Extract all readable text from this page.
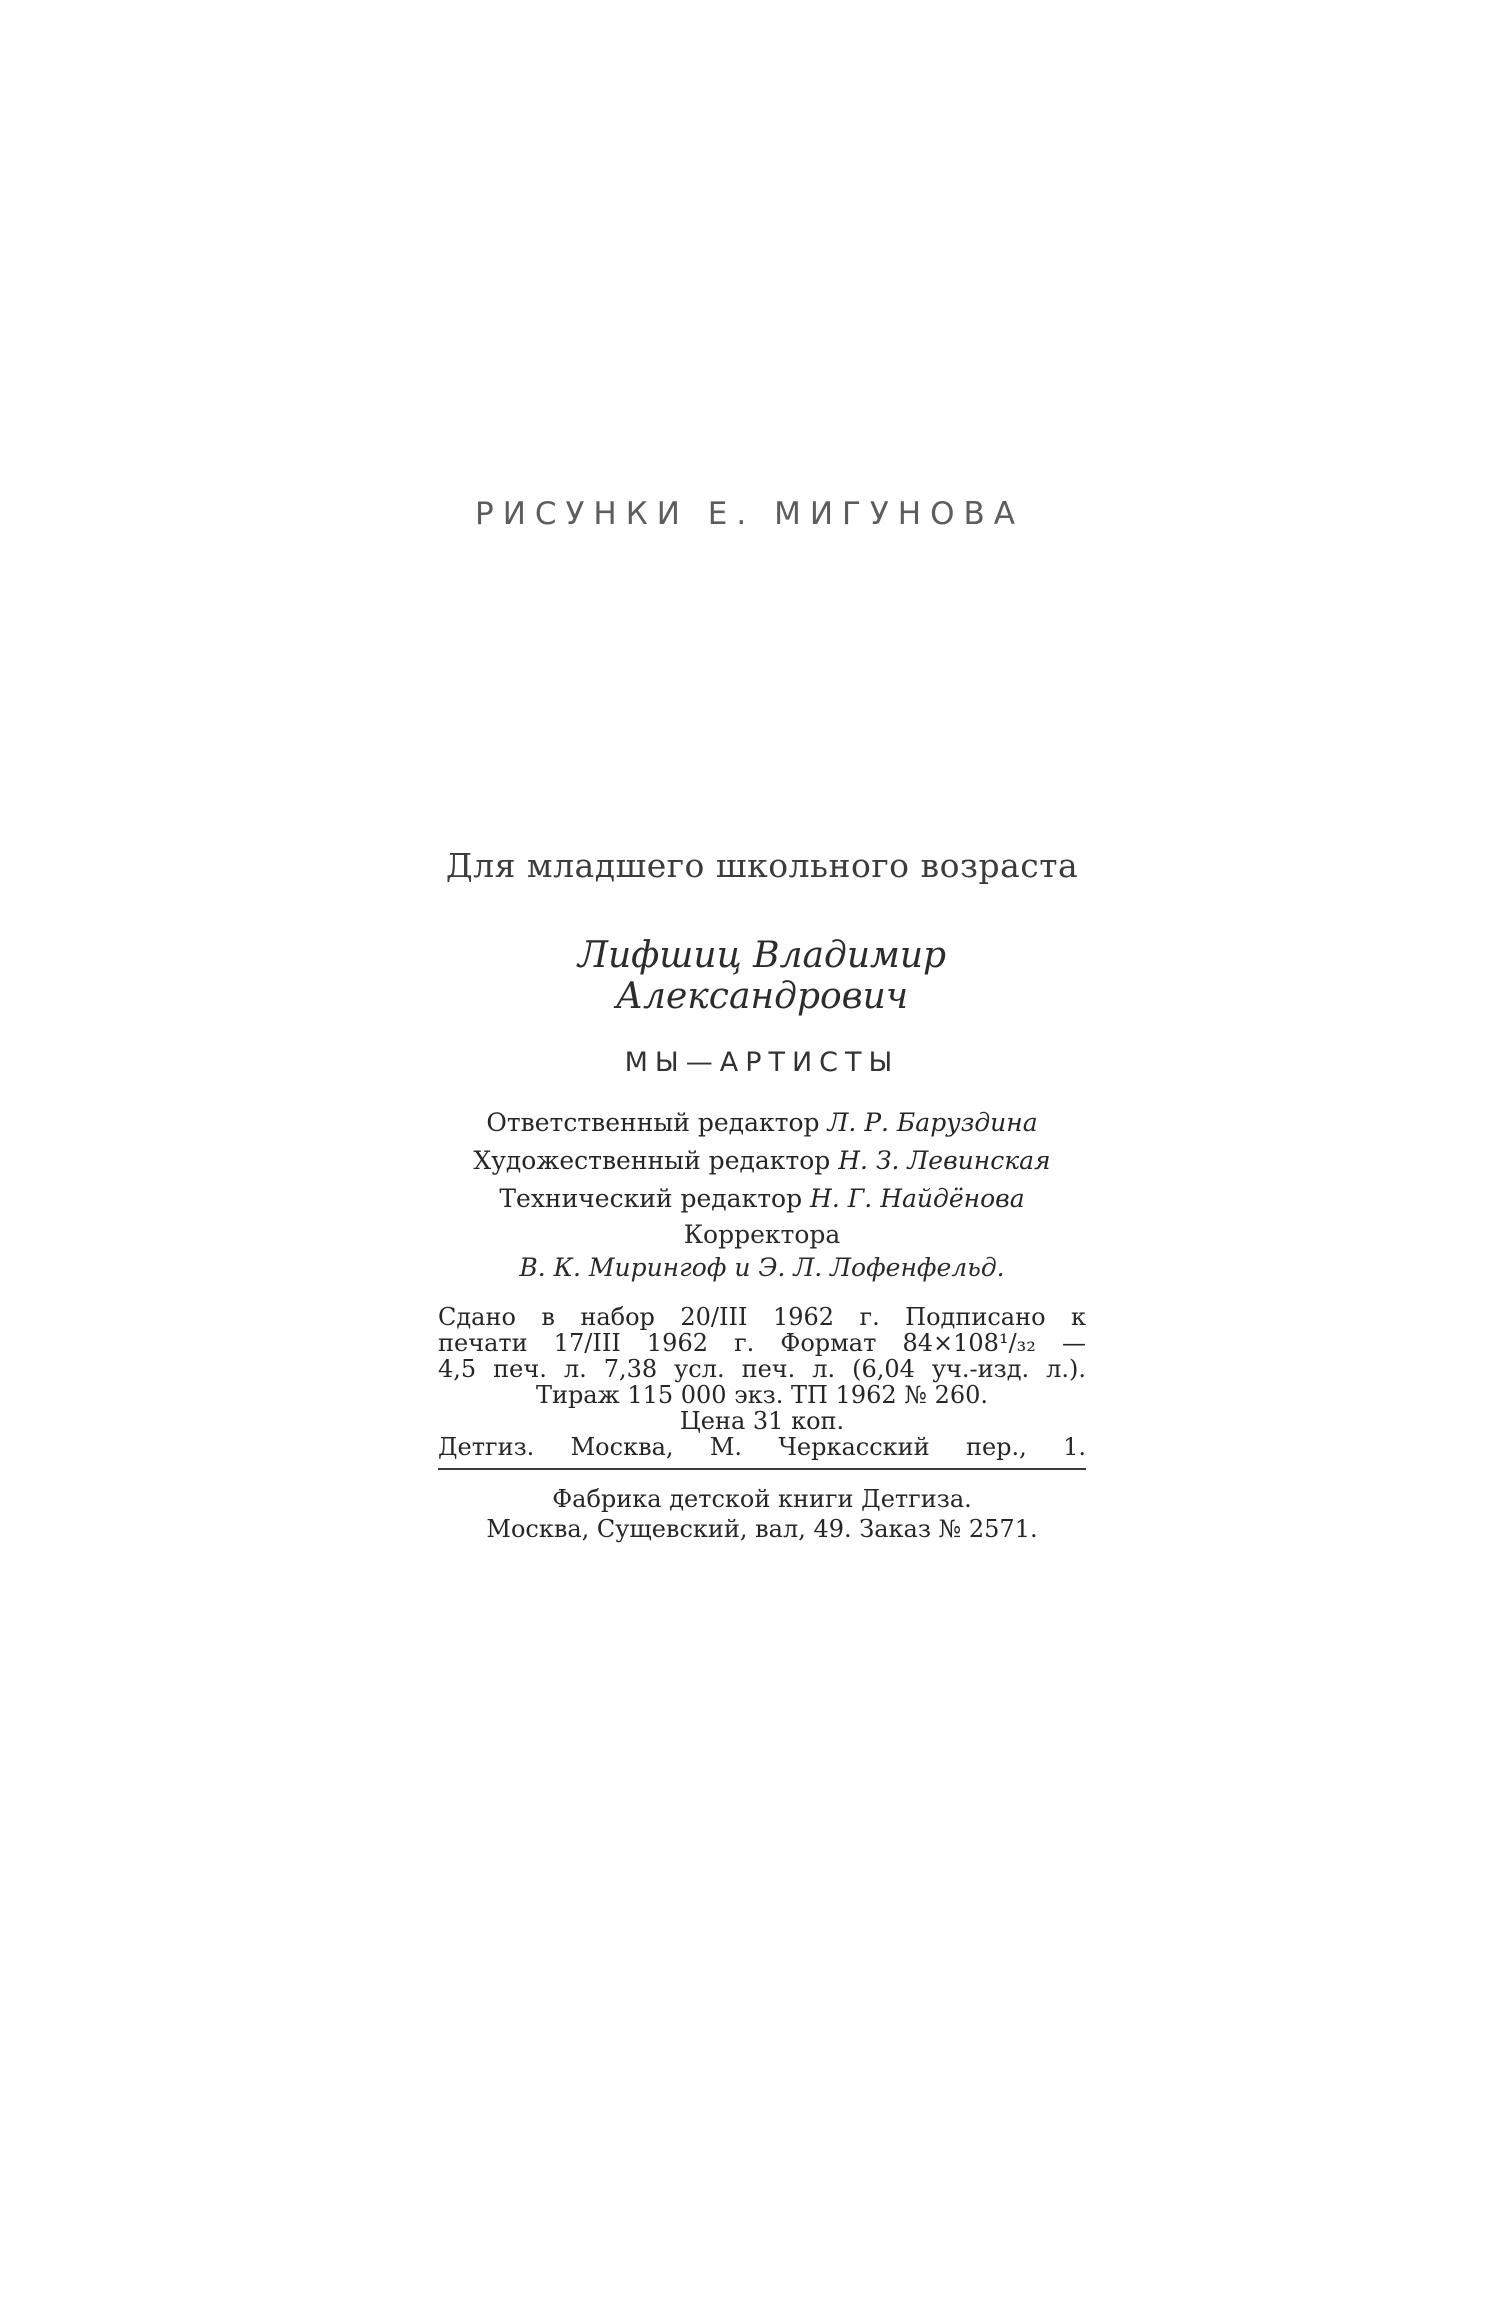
РИСУНКИ Е. МИГУНОВА
Для младшего школьного возраста
Лифшиц Владимир Александрович
МЫ—АРТИСТЫ
Ответственный редактор Л. Р. Баруздина
Художественный редактор Н. З. Левинская
Технический редактор Н. Г. Найдёнова
Корректора
В. К. Мирингоф и Э. Л. Лофенфельд.
Сдано в набор 20/III 1962 г. Подписано к
печати 17/III 1962 г. Формат 84×108¹/₃₂ —
4,5 печ. л. 7,38 усл. печ. л. (6,04 уч.-изд. л.).
Тираж 115 000 экз. ТП 1962 № 260.
Цена 31 коп.
Детгиз. Москва, М. Черкасский пер., 1.
Фабрика детской книги Детгиза.
Москва, Сущевский, вал, 49. Заказ № 2571.
